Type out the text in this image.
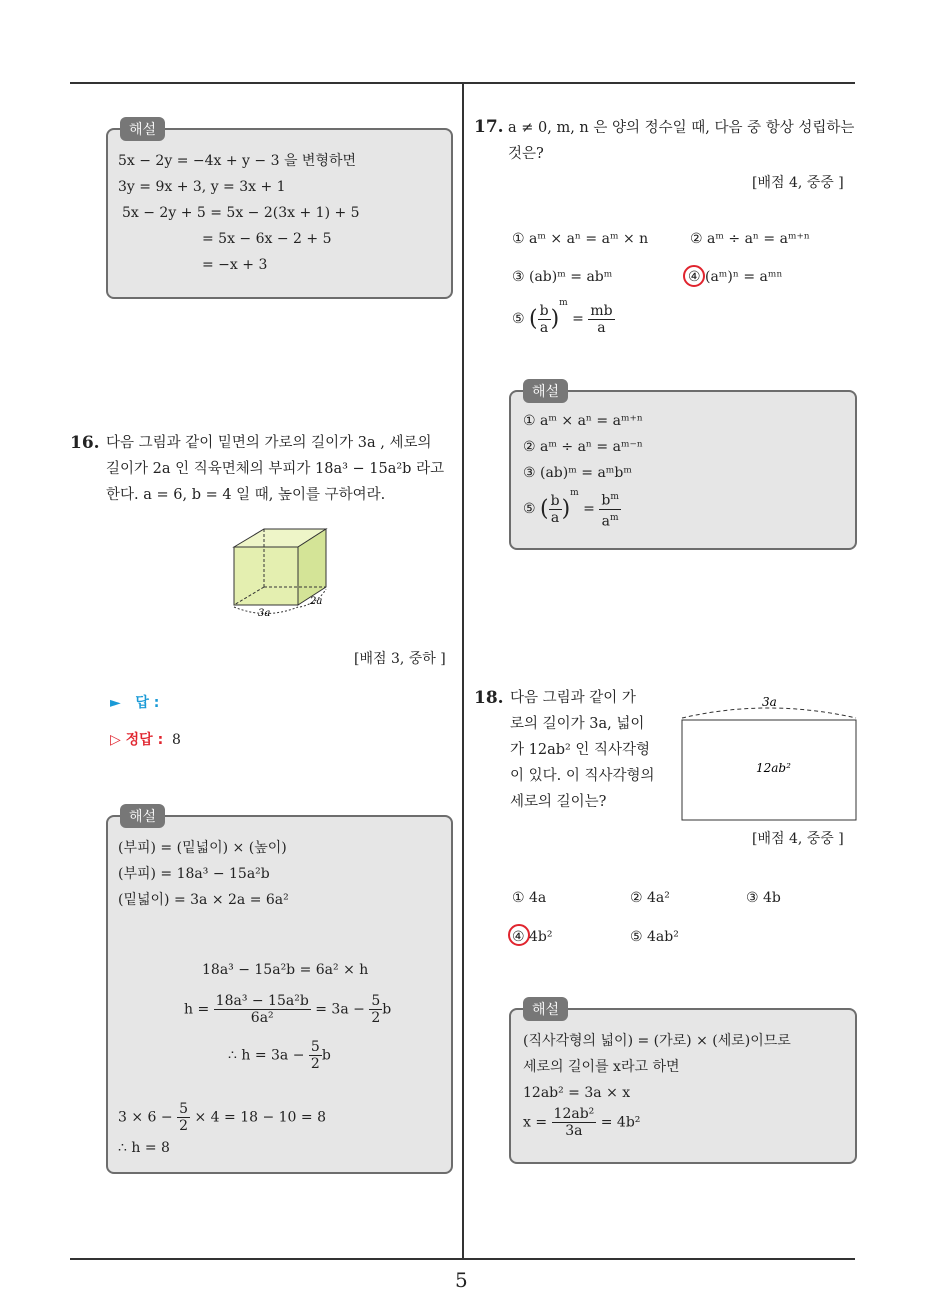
5
해설
5x − 2y = −4x + y − 3 을 변형하면
3y = 9x + 3, y = 3x + 1
5x − 2y + 5 = 5x − 2(3x + 1) + 5
= 5x − 6x − 2 + 5
= −x + 3
16. 다음 그림과 같이 밑면의 가로의 길이가 3a , 세로의
길이가 2a 인 직육면체의 부피가 18a³ − 15a²b 라고
한다. a = 6, b = 4 일 때, 높이를 구하여라.
3a
2a
[배점 3, 중하 ]
►   답 :
▷ 정답 : 8
해설
(부피) = (밑넓이) × (높이)
(부피) = 18a³ − 15a²b
(밑넓이) = 3a × 2a = 6a²
18a³ − 15a²b = 6a² × h
$h = \frac{\text{18a³ − 15a²b}}{\text{6a²}} = 3a - \frac{5}{2}$ b
∴ $h = 3a - \frac{5}{2}$ b
$3 \times 6 - \frac{5}{2} \times 4 = 18 - 10 = 8$
∴ h = 8
17. a ≠ 0, m, n 은 양의 정수일 때, 다음 중 항상 성립하는
것은?
[배점 4, 중중 ]
① aᵐ × aⁿ = aᵐ × n	② aᵐ ÷ aⁿ = aᵐ⁺ⁿ
③ (ab)ᵐ = abᵐ	④ (aᵐ)ⁿ = aᵐⁿ
⑤ ( $\frac{b}{a} )^m = \frac{mb}{a}$
해설
① aᵐ × aⁿ = aᵐ⁺ⁿ
② aᵐ ÷ aⁿ = aᵐ⁻ⁿ
③ (ab)ᵐ = aᵐbᵐ
⑤ ( $\frac{b}{a} )^m = \frac{b^m}{a^m}$
18. 다음 그림과 같이 가
로의 길이가 3a, 넓이
가 12ab² 인 직사각형
이 있다. 이 직사각형의
세로의 길이는?
3a
12ab²
[배점 4, 중중 ]
① 4a	② 4a²	③ 4b
④ 4b²	⑤ 4ab²
해설
(직사각형의 넓이) = (가로) × (세로)이므로
세로의 길이를 x라고 하면
12ab² = 3a × x
$x = \frac{\text{12ab²}}{3a} = 4b^2$
